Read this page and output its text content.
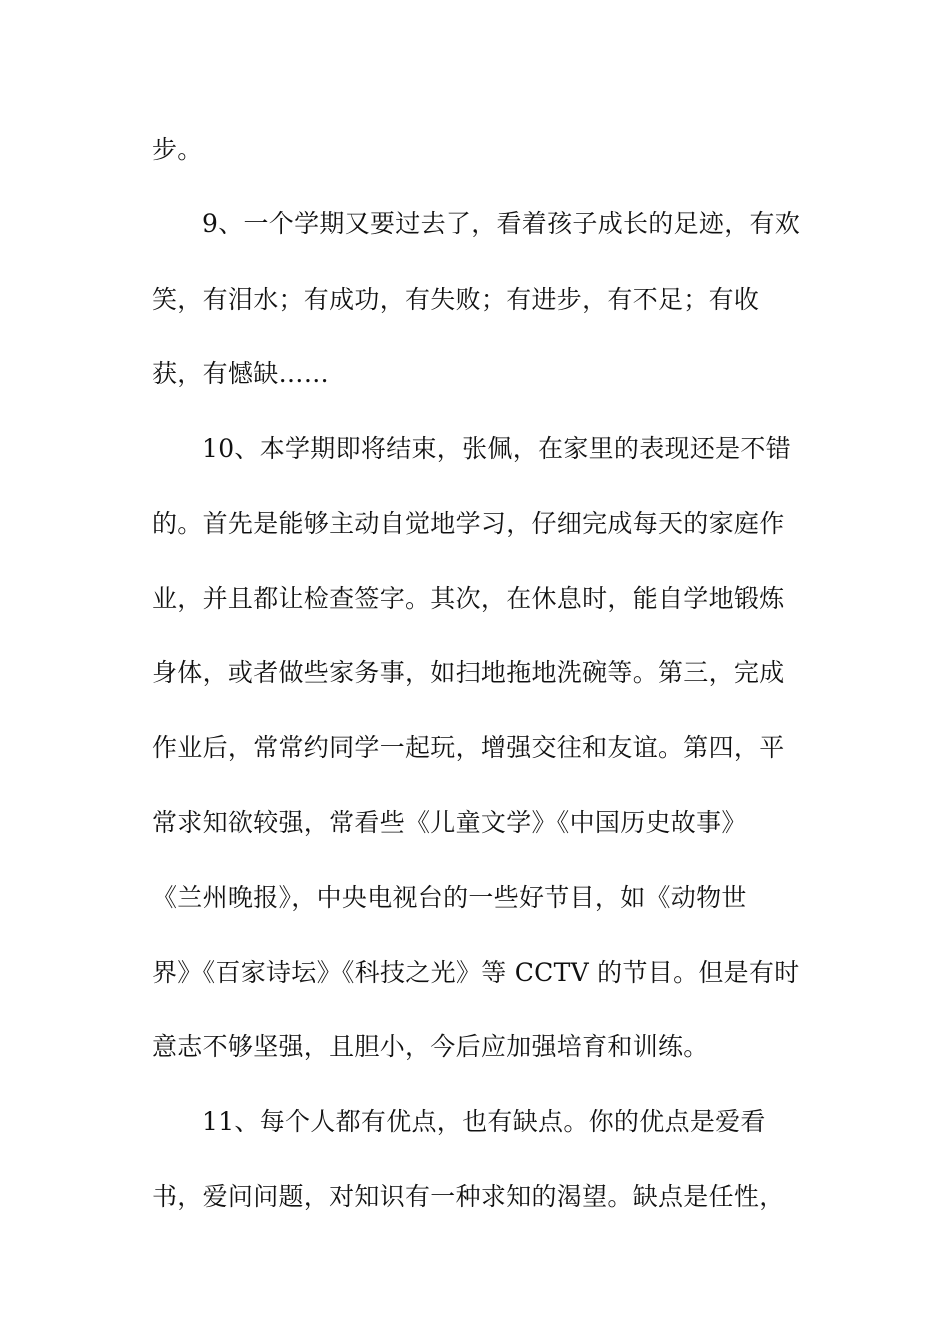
步。
9、一个学期又要过去了，看着孩子成长的足迹，有欢
笑，有泪水；有成功，有失败；有进步，有不足；有收
获，有憾缺……
10、本学期即将结束，张佩，在家里的表现还是不错
的。首先是能够主动自觉地学习，仔细完成每天的家庭作
业，并且都让检查签字。其次，在休息时，能自学地锻炼
身体，或者做些家务事，如扫地拖地洗碗等。第三，完成
作业后，常常约同学一起玩，增强交往和友谊。第四，平
常求知欲较强，常看些《儿童文学》《中国历史故事》
《兰州晚报》，中央电视台的一些好节目，如《动物世
界》《百家诗坛》《科技之光》等 CCTV 的节目。但是有时
意志不够坚强，且胆小，今后应加强培育和训练。
11、每个人都有优点，也有缺点。你的优点是爱看
书，爱问问题，对知识有一种求知的渴望。缺点是任性，
